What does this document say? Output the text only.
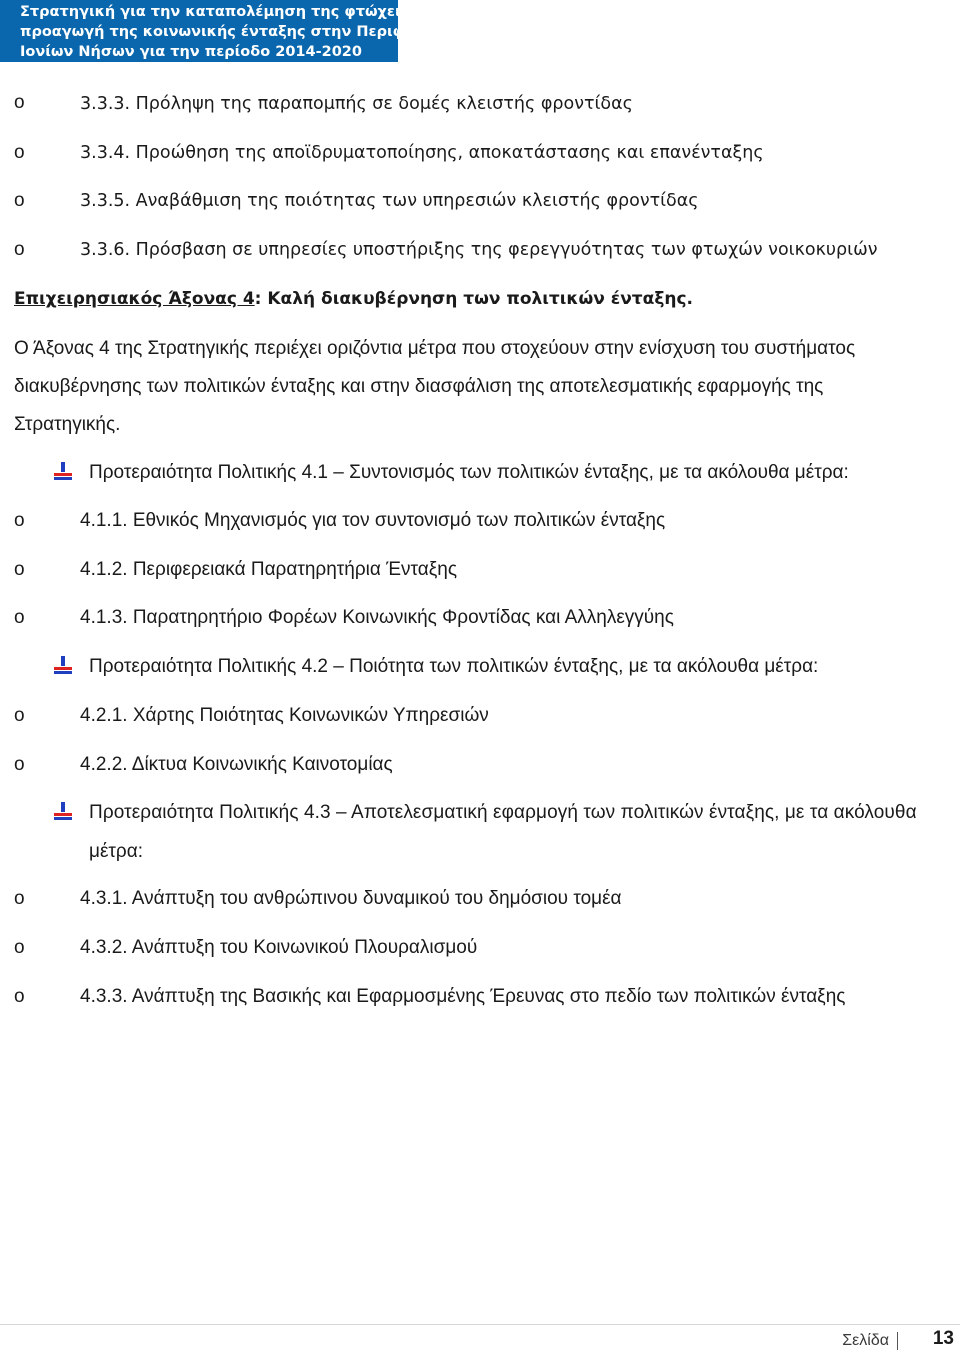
Στρατηγική για την καταπολέμηση της φτώχειας και
προαγωγή της κοινωνικής ένταξης στην Περιφέρεια
Ιονίων Νήσων για την περίοδο 2014-2020
o	3.3.3. Πρόληψη της παραπομπής σε δομές κλειστής φροντίδας
o	3.3.4. Προώθηση της αποϊδρυματοποίησης, αποκατάστασης και επανένταξης
o	3.3.5. Αναβάθμιση της ποιότητας των υπηρεσιών κλειστής φροντίδας
o	3.3.6. Πρόσβαση σε υπηρεσίες υποστήριξης της φερεγγυότητας των φτωχών νοικοκυριών
Επιχειρησιακός Άξονας 4: Καλή διακυβέρνηση των πολιτικών ένταξης.
Ο Άξονας 4 της Στρατηγικής περιέχει οριζόντια μέτρα που στοχεύουν στην ενίσχυση του συστήματος
διακυβέρνησης των πολιτικών ένταξης και στην διασφάλιση της αποτελεσματικής εφαρμογής της
Στρατηγικής.
Προτεραιότητα Πολιτικής 4.1 – Συντονισμός των πολιτικών ένταξης, με τα ακόλουθα μέτρα:
o	4.1.1. Εθνικός Μηχανισμός για τον συντονισμό των πολιτικών ένταξης
o	4.1.2. Περιφερειακά Παρατηρητήρια Ένταξης
o	4.1.3. Παρατηρητήριο Φορέων Κοινωνικής Φροντίδας και Αλληλεγγύης
Προτεραιότητα Πολιτικής 4.2 – Ποιότητα των πολιτικών ένταξης, με τα ακόλουθα μέτρα:
o	4.2.1. Χάρτης Ποιότητας Κοινωνικών Υπηρεσιών
o	4.2.2. Δίκτυα Κοινωνικής Καινοτομίας
Προτεραιότητα Πολιτικής 4.3 – Αποτελεσματική εφαρμογή των πολιτικών ένταξης, με τα ακόλουθα
μέτρα:
o	4.3.1. Ανάπτυξη του ανθρώπινου δυναμικού του δημόσιου τομέα
o	4.3.2. Ανάπτυξη του Κοινωνικού Πλουραλισμού
o	4.3.3. Ανάπτυξη της Βασικής και Εφαρμοσμένης Έρευνας στο πεδίο των πολιτικών ένταξης
Σελίδα	13
